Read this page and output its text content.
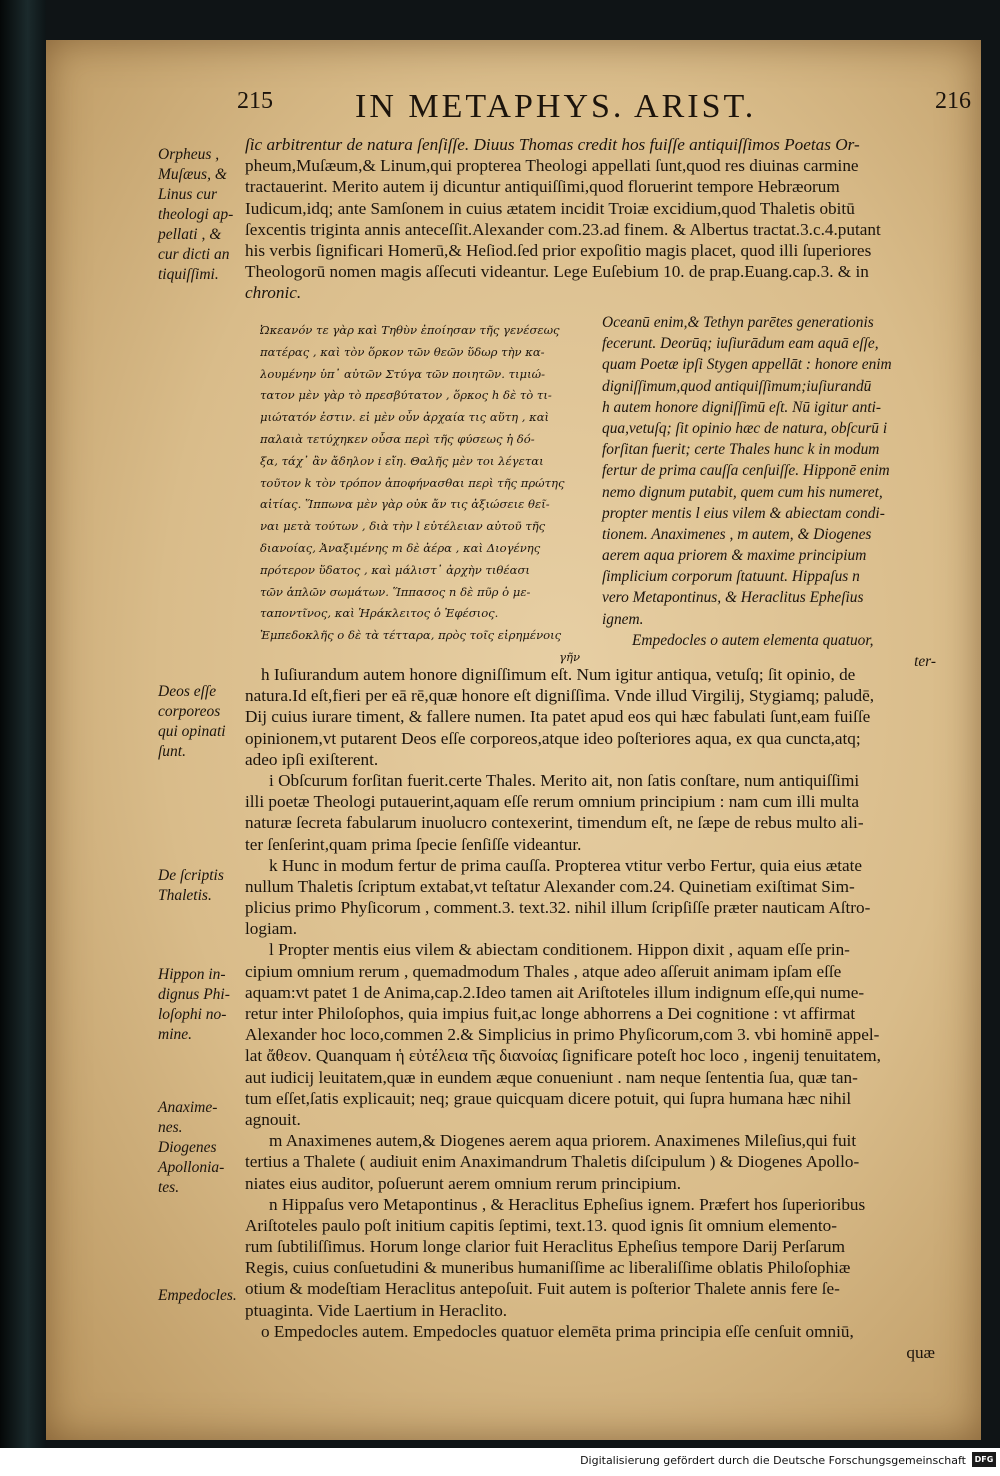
215 IN METAPHYS. ARIST.	216
Orpheus ,
Muſæus, &
Linus cur
theologi ap-
pellati , &
cur dicti an
tiquiſſimi.
ſic arbitrentur de natura ſenſiſſe. Diuus Thomas credit hos fuiſſe antiquiſſimos Poetas Or-
pheum,Muſæum,& Linum,qui propterea Theologi appellati ſunt,quod res diuinas carmine
tractauerint. Merito autem ij dicuntur antiquiſſimi,quod floruerint tempore Hebræorum
Iudicum,idq; ante Samſonem in cuius ætatem incidit Troiæ excidium,quod Thaletis obitū
ſexcentis triginta annis anteceſſit.Alexander com.23.ad finem. & Albertus tractat.3.c.4.putant
his verbis ſignificari Homerū,& Heſiod.ſed prior expoſitio magis placet, quod illi ſuperiores
Theologorū nomen magis aſſecuti videantur. Lege Euſebium 10. de prap.Euang.cap.3. & in
chronic.
Ὠκεανόν τε γὰρ καὶ Τηθὺν ἐποίησαν τῆς γενέσεως
πατέρας , καὶ τὸν ὅρκον τῶν θεῶν ὕδωρ τὴν κα-
λουμένην ὑπ᾽ αὐτῶν Στύγα τῶν ποιητῶν. τιμιώ-
τατον μὲν γὰρ τὸ πρεσβύτατον , ὅρκος h δὲ τὸ τι-
μιώτατόν ἐστιν. εἰ μὲν οὖν ἀρχαία τις αὕτη , καὶ
παλαιὰ τετύχηκεν οὖσα περὶ τῆς φύσεως ἡ δό-
ξα, τάχ᾽ ἂν ἄδηλον i εἴη. Θαλῆς μὲν τοι λέγεται
τοῦτον k τὸν τρόπον ἀποφήνασθαι περὶ τῆς πρώτης
αἰτίας. Ἵππωνα μὲν γὰρ οὐκ ἄν τις ἀξιώσειε θεῖ-
ναι μετὰ τούτων , διὰ τὴν l εὐτέλειαν αὐτοῦ τῆς
διανοίας, Ἀναξιμένης m δὲ ἀέρα , καὶ Διογένης
πρότερον ὕδατος , καὶ μάλιστ᾽ ἀρχὴν τιθέασι
τῶν ἁπλῶν σωμάτων. Ἵππασος n δὲ πῦρ ὁ με-
ταποντῖνος, καὶ Ἡράκλειτος ὁ Ἐφέσιος.
Ἐμπεδοκλῆς ο δὲ τὰ τέτταρα, πρὸς τοῖς εἰρημένοις
γῆν
Oceanū enim,& Tethyn parētes generationis
fecerunt. Deorūq; iuſiurādum eam aquā eſſe,
quam Poetæ ipſi Stygen appellāt : honore enim
digniſſimum,quod antiquiſſimum;iuſiurandū
h autem honore digniſſimū eſt. Nū igitur anti-
qua,vetuſq; ſit opinio hæc de natura, obſcurū i
forſitan fuerit; certe Thales hunc k in modum
fertur de prima cauſſa cenſuiſſe. Hipponē enim
nemo dignum putabit, quem cum his numeret,
propter mentis l eius vilem & abiectam condi-
tionem. Anaximenes , m autem, & Diogenes
aerem aqua priorem & maxime principium
ſimplicium corporum ſtatuunt. Hippaſus n
vero Metapontinus, & Heraclitus Epheſius
ignem.
Empedocles o autem elementa quatuor,
ter-
Deos eſſe
corporeos
qui opinati
ſunt.
De ſcriptis
Thaletis.
Hippon in-
dignus Phi-
loſophi no-
mine.
Anaxime-
nes.
Diogenes
Apollonia-
tes.
Empedocles.
h Iuſiurandum autem honore digniſſimum eſt. Num igitur antiqua, vetuſq; ſit opinio, de
natura.Id eſt,fieri per eā rē,quæ honore eſt digniſſima. Vnde illud Virgilij, Stygiamq; paludē,
Dij cuius iurare timent, & fallere numen. Ita patet apud eos qui hæc fabulati ſunt,eam fuiſſe
opinionem,vt putarent Deos eſſe corporeos,atque ideo poſteriores aqua, ex qua cuncta,atq;
adeo ipſi exiſterent.
i Obſcurum forſitan fuerit.certe Thales. Merito ait, non ſatis conſtare, num antiquiſſimi
illi poetæ Theologi putauerint,aquam eſſe rerum omnium principium : nam cum illi multa
naturæ ſecreta fabularum inuolucro contexerint, timendum eſt, ne ſæpe de rebus multo ali-
ter ſenſerint,quam prima ſpecie ſenſiſſe videantur.
k Hunc in modum fertur de prima cauſſa. Propterea vtitur verbo Fertur, quia eius ætate
nullum Thaletis ſcriptum extabat,vt teſtatur Alexander com.24. Quinetiam exiſtimat Sim-
plicius primo Phyſicorum , comment.3. text.32. nihil illum ſcripſiſſe præter nauticam Aſtro-
logiam.
l Propter mentis eius vilem & abiectam conditionem. Hippon dixit , aquam eſſe prin-
cipium omnium rerum , quemadmodum Thales , atque adeo aſſeruit animam ipſam eſſe
aquam:vt patet 1 de Anima,cap.2.Ideo tamen ait Ariſtoteles illum indignum eſſe,qui nume-
retur inter Philoſophos, quia impius fuit,ac longe abhorrens a Dei cognitione : vt affirmat
Alexander hoc loco,commen 2.& Simplicius in primo Phyſicorum,com 3. vbi hominē appel-
lat ἄθεον. Quanquam ἡ εὐτέλεια τῆς διανοίας ſignificare poteſt hoc loco , ingenij tenuitatem,
aut iudicij leuitatem,quæ in eundem æque conueniunt . nam neque ſententia ſua, quæ tan-
tum eſſet,ſatis explicauit; neq; graue quicquam dicere potuit, qui ſupra humana hæc nihil
agnouit.
m Anaximenes autem,& Diogenes aerem aqua priorem. Anaximenes Mileſius,qui fuit
tertius a Thalete ( audiuit enim Anaximandrum Thaletis diſcipulum ) & Diogenes Apollo-
niates eius auditor, poſuerunt aerem omnium rerum principium.
n Hippaſus vero Metapontinus , & Heraclitus Epheſius ignem. Præfert hos ſuperioribus
Ariſtoteles paulo poſt initium capitis ſeptimi, text.13. quod ignis ſit omnium elemento-
rum ſubtiliſſimus. Horum longe clarior fuit Heraclitus Epheſius tempore Darij Perſarum
Regis, cuius conſuetudini & muneribus humaniſſime ac liberaliſſime oblatis Philoſophiæ
otium & modeſtiam Heraclitus antepoſuit. Fuit autem is poſterior Thalete annis fere ſe-
ptuaginta. Vide Laertium in Heraclito.
o Empedocles autem. Empedocles quatuor elemēta prima principia eſſe cenſuit omniū,
quæ
Digitalisierung gefördert durch die Deutsche Forschungsgemeinschaft	DFG
